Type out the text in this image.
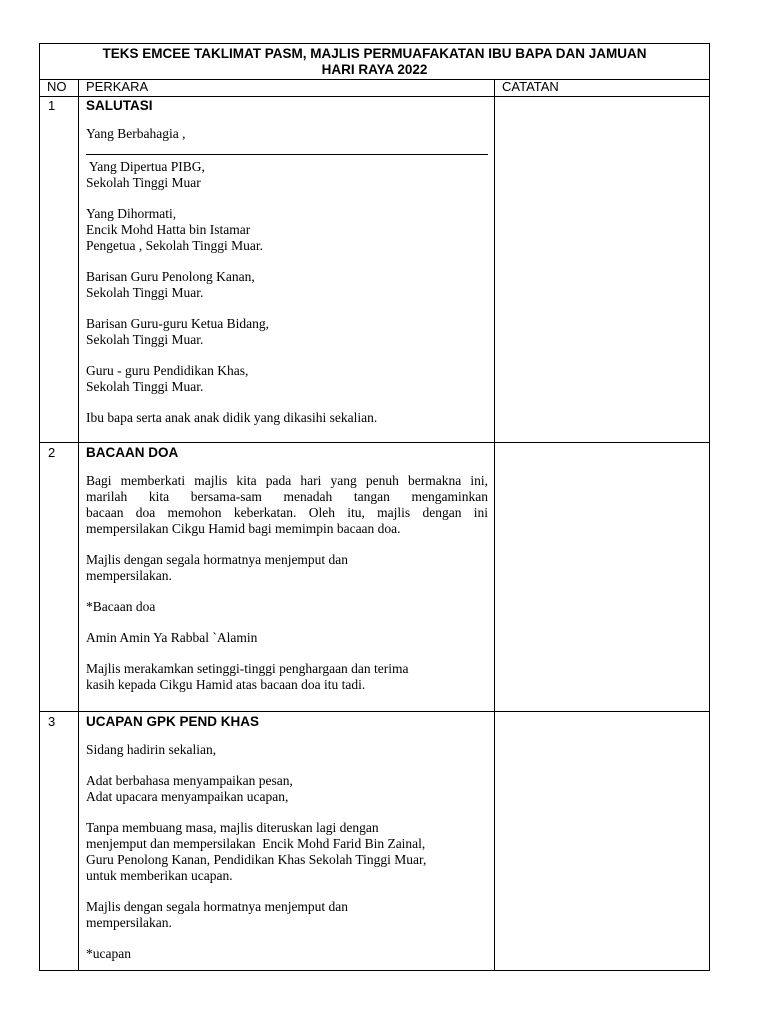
TEKS EMCEE TAKLIMAT PASM, MAJLIS PERMUAFAKATAN IBU BAPA DAN JAMUAN
HARI RAYA 2022
NO PERKARA	CATATAN
1 SALUTASI

Yang Berbahagia ,

Yang Dipertua PIBG,
Sekolah Tinggi Muar

Yang Dihormati,
Encik Mohd Hatta bin Istamar
Pengetua , Sekolah Tinggi Muar.

Barisan Guru Penolong Kanan,
Sekolah Tinggi Muar.

Barisan Guru-guru Ketua Bidang,
Sekolah Tinggi Muar.

Guru - guru Pendidikan Khas,
Sekolah Tinggi Muar.

Ibu bapa serta anak anak didik yang dikasihi sekalian.

2 BACAAN DOA

Bagi memberkati majlis kita pada hari yang penuh bermakna ini,
marilah kita bersama-sam menadah tangan mengaminkan
bacaan doa memohon keberkatan. Oleh itu, majlis dengan ini
mempersilakan Cikgu Hamid bagi memimpin bacaan doa.

Majlis dengan segala hormatnya menjemput dan
mempersilakan.

*Bacaan doa

Amin Amin Ya Rabbal `Alamin

Majlis merakamkan setinggi-tinggi penghargaan dan terima
kasih kepada Cikgu Hamid atas bacaan doa itu tadi.

3 UCAPAN GPK PEND KHAS

Sidang hadirin sekalian,

Adat berbahasa menyampaikan pesan,
Adat upacara menyampaikan ucapan,

Tanpa membuang masa, majlis diteruskan lagi dengan
menjemput dan mempersilakan  Encik Mohd Farid Bin Zainal,
Guru Penolong Kanan, Pendidikan Khas Sekolah Tinggi Muar,
untuk memberikan ucapan.

Majlis dengan segala hormatnya menjemput dan
mempersilakan.

*ucapan
